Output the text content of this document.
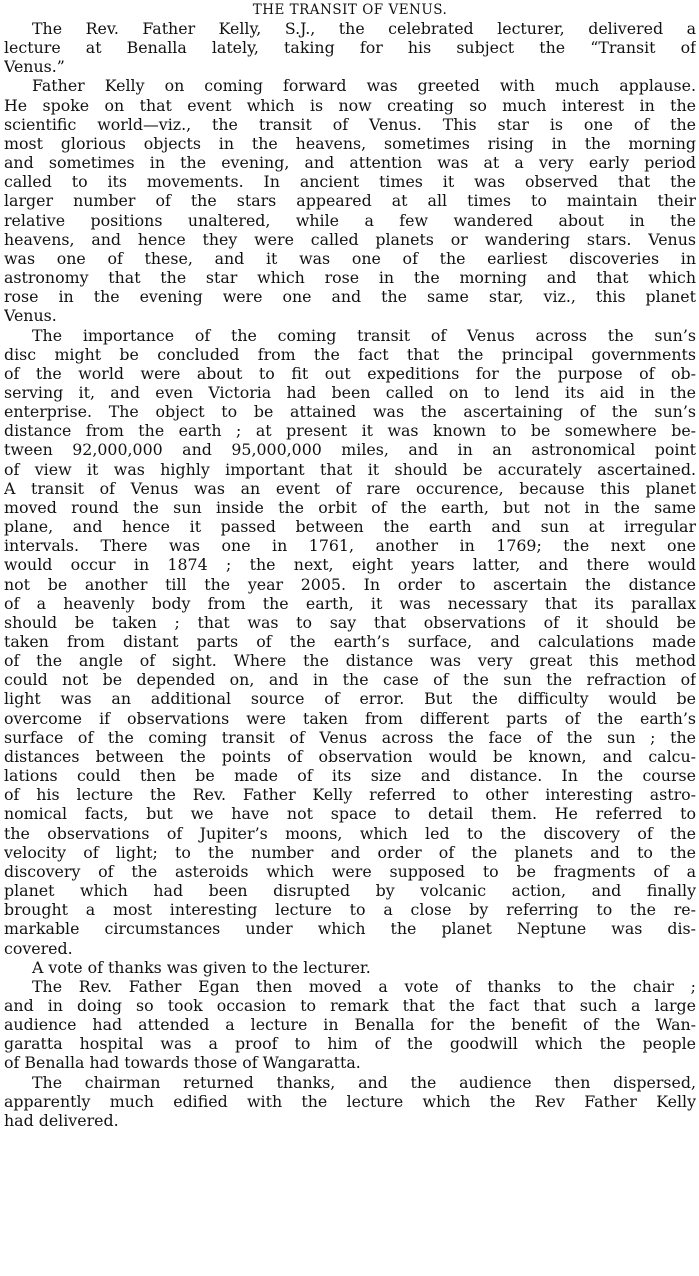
THE TRANSIT OF VENUS.
The Rev. Father Kelly, S.J., the celebrated lecturer, delivered a
lecture at Benalla lately, taking for his subject the “Transit of
Venus.”
Father Kelly on coming forward was greeted with much applause.
He spoke on that event which is now creating so much interest in the
scientific world—viz., the transit of Venus. This star is one of the
most glorious objects in the heavens, sometimes rising in the morning
and sometimes in the evening, and attention was at a very early period
called to its movements. In ancient times it was observed that the
larger number of the stars appeared at all times to maintain their
relative positions unaltered, while a few wandered about in the
heavens, and hence they were called planets or wandering stars. Venus
was one of these, and it was one of the earliest discoveries in
astronomy that the star which rose in the morning and that which
rose in the evening were one and the same star, viz., this planet
Venus.
The importance of the coming transit of Venus across the sun’s
disc might be concluded from the fact that the principal governments
of the world were about to fit out expeditions for the purpose of ob-
serving it, and even Victoria had been called on to lend its aid in the
enterprise. The object to be attained was the ascertaining of the sun’s
distance from the earth ; at present it was known to be somewhere be-
tween 92,000,000 and 95,000,000 miles, and in an astronomical point
of view it was highly important that it should be accurately ascertained.
A transit of Venus was an event of rare occurence, because this planet
moved round the sun inside the orbit of the earth, but not in the same
plane, and hence it passed between the earth and sun at irregular
intervals. There was one in 1761, another in 1769; the next one
would occur in 1874 ; the next, eight years latter, and there would
not be another till the year 2005. In order to ascertain the distance
of a heavenly body from the earth, it was necessary that its parallax
should be taken ; that was to say that observations of it should be
taken from distant parts of the earth’s surface, and calculations made
of the angle of sight. Where the distance was very great this method
could not be depended on, and in the case of the sun the refraction of
light was an additional source of error. But the difficulty would be
overcome if observations were taken from different parts of the earth’s
surface of the coming transit of Venus across the face of the sun ; the
distances between the points of observation would be known, and calcu-
lations could then be made of its size and distance. In the course
of his lecture the Rev. Father Kelly referred to other interesting astro-
nomical facts, but we have not space to detail them. He referred to
the observations of Jupiter’s moons, which led to the discovery of the
velocity of light; to the number and order of the planets and to the
discovery of the asteroids which were supposed to be fragments of a
planet which had been disrupted by volcanic action, and finally
brought a most interesting lecture to a close by referring to the re-
markable circumstances under which the planet Neptune was dis-
covered.
A vote of thanks was given to the lecturer.
The Rev. Father Egan then moved a vote of thanks to the chair ;
and in doing so took occasion to remark that the fact that such a large
audience had attended a lecture in Benalla for the benefit of the Wan-
garatta hospital was a proof to him of the goodwill which the people
of Benalla had towards those of Wangaratta.
The chairman returned thanks, and the audience then dispersed,
apparently much edified with the lecture which the Rev Father Kelly
had delivered.
